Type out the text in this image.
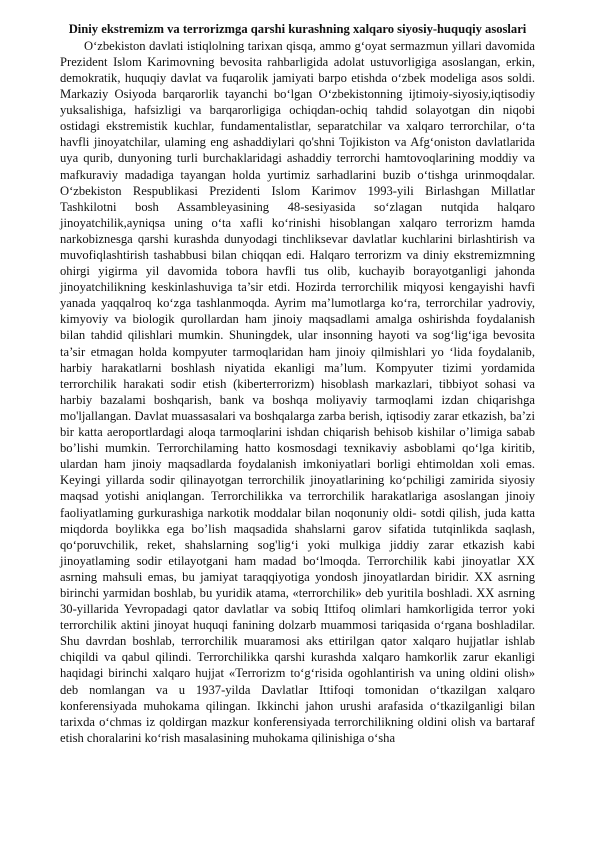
Diniy ekstremizm va terrorizmga qarshi kurashning xalqaro siyosiy-huquqiy asoslari

O‘zbekiston davlati istiqlolning tarixan qisqa, ammo g‘oyat sermazmun yillari davomida Prezident Islom Karimovning bevosita rahbarligida adolat ustuvorligiga asoslangan, erkin, demokratik, huquqiy davlat va fuqarolik jamiyati barpo etishda o‘zbek modeliga asos soldi. Markaziy Osiyoda barqarorlik tayanchi bo‘lgan O‘zbekistonning ijtimoiy-siyosiy,iqtisodiy yuksalishiga, hafsizligi va barqarorligiga ochiqdan-ochiq tahdid solayotgan din niqobi ostidagi ekstremistik kuchlar, fundamentalistlar, separatchilar va xalqaro terrorchilar, o‘ta havfli jinoyatchilar, ulaming eng ashaddiylari qo'shni Tojikiston va Afg‘oniston davlatlarida uya qurib, dunyoning turli burchaklaridagi ashaddiy terrorchi hamtovoqlarining moddiy va mafkuraviy madadiga tayangan holda yurtimiz sarhadlarini buzib o‘tishga urinmoqdalar. O‘zbekiston Respublikasi Prezidenti Islom Karimov 1993-yili Birlashgan Millatlar Tashkilotni bosh Assambleyasining 48-sesiyasida so‘zlagan nutqida halqaro jinoyatchilik,ayniqsa uning o‘ta xafli ko‘rinishi hisoblangan xalqaro terrorizm hamda narkobiznesga qarshi kurashda dunyodagi tinchliksevar davlatlar kuchlarini birlashtirish va muvofiqlashtirish tashabbusi bilan chiqqan edi. Halqaro terrorizm va diniy ekstremizmning ohirgi yigirma yil davomida tobora havfli tus olib, kuchayib borayotganligi jahonda jinoyatchilikning keskinlashuviga ta’sir etdi. Hozirda terrorchilik miqyosi kengayishi havfi yanada yaqqalroq ko‘zga tashlanmoqda. Ayrim ma’lumotlarga ko‘ra, terrorchilar yadroviy, kimyoviy va biologik qurollardan ham jinoiy maqsadlami amalga oshirishda foydalanish bilan tahdid qilishlari mumkin. Shuningdek, ular insonning hayoti va sog‘lig‘iga bevosita ta’sir etmagan holda kompyuter tarmoqlaridan ham jinoiy qilmishlari yo ‘lida foydalanib, harbiy harakatlarni boshlash niyatida ekanligi ma’lum. Kompyuter tizimi yordamida terrorchilik harakati sodir etish (kiberterrorizm) hisoblash markazlari, tibbiyot sohasi va harbiy bazalami boshqarish, bank va boshqa moliyaviy tarmoqlami izdan chiqarishga mo'ljallangan. Davlat muassasalari va boshqalarga zarba berish, iqtisodiy zarar etkazish, ba’zi bir katta aeroportlardagi aloqa tarmoqlarini ishdan chiqarish behisob kishilar o’limiga sabab bo’lishi mumkin. Terrorchilaming hatto kosmosdagi texnikaviy asboblami qo‘lga kiritib, ulardan ham jinoiy maqsadlarda foydalanish imkoniyatlari borligi ehtimoldan xoli emas. Keyingi yillarda sodir qilinayotgan terrorchilik jinoyatlarining ko‘pchiligi zamirida siyosiy maqsad yotishi aniqlangan. Terrorchilikka va terrorchilik harakatlariga asoslangan jinoiy faoliyatlaming gurkurashiga narkotik moddalar bilan noqonuniy oldi- sotdi qilish, juda katta miqdorda boylikka ega bo’lish maqsadida shahslarni garov sifatida tutqinlikda saqlash, qo‘poruvchilik, reket, shahslarning sog'lig‘i yoki mulkiga jiddiy zarar etkazish kabi jinoyatlaming sodir etilayotgani ham madad bo‘lmoqda. Terrorchilik kabi jinoyatlar XX asrning mahsuli emas, bu jamiyat taraqqiyotiga yondosh jinoyatlardan biridir. XX asrning birinchi yarmidan boshlab, bu yuridik atama, «terrorchilik» deb yuritila boshladi. XX asrning 30-yillarida Yevropadagi qator davlatlar va sobiq Ittifoq olimlari hamkorligida terror yoki terrorchilik aktini jinoyat huquqi fanining dolzarb muammosi tariqasida o‘rgana boshladilar. Shu davrdan boshlab, terrorchilik muaramosi aks ettirilgan qator xalqaro hujjatlar ishlab chiqildi va qabul qilindi. Terrorchilikka qarshi kurashda xalqaro hamkorlik zarur ekanligi haqidagi birinchi xalqaro hujjat «Terrorizm to‘g‘risida ogohlantirish va uning oldini olish» deb nomlangan va u 1937-yilda Davlatlar Ittifoqi tomonidan o‘tkazilgan xalqaro konferensiyada muhokama qilingan. Ikkinchi jahon urushi arafasida o‘tkazilganligi bilan tarixda o‘chmas iz qoldirgan mazkur konferensiyada terrorchilikning oldini olish va bartaraf etish choralarini ko‘rish masalasining muhokama qilinishiga o‘sha
